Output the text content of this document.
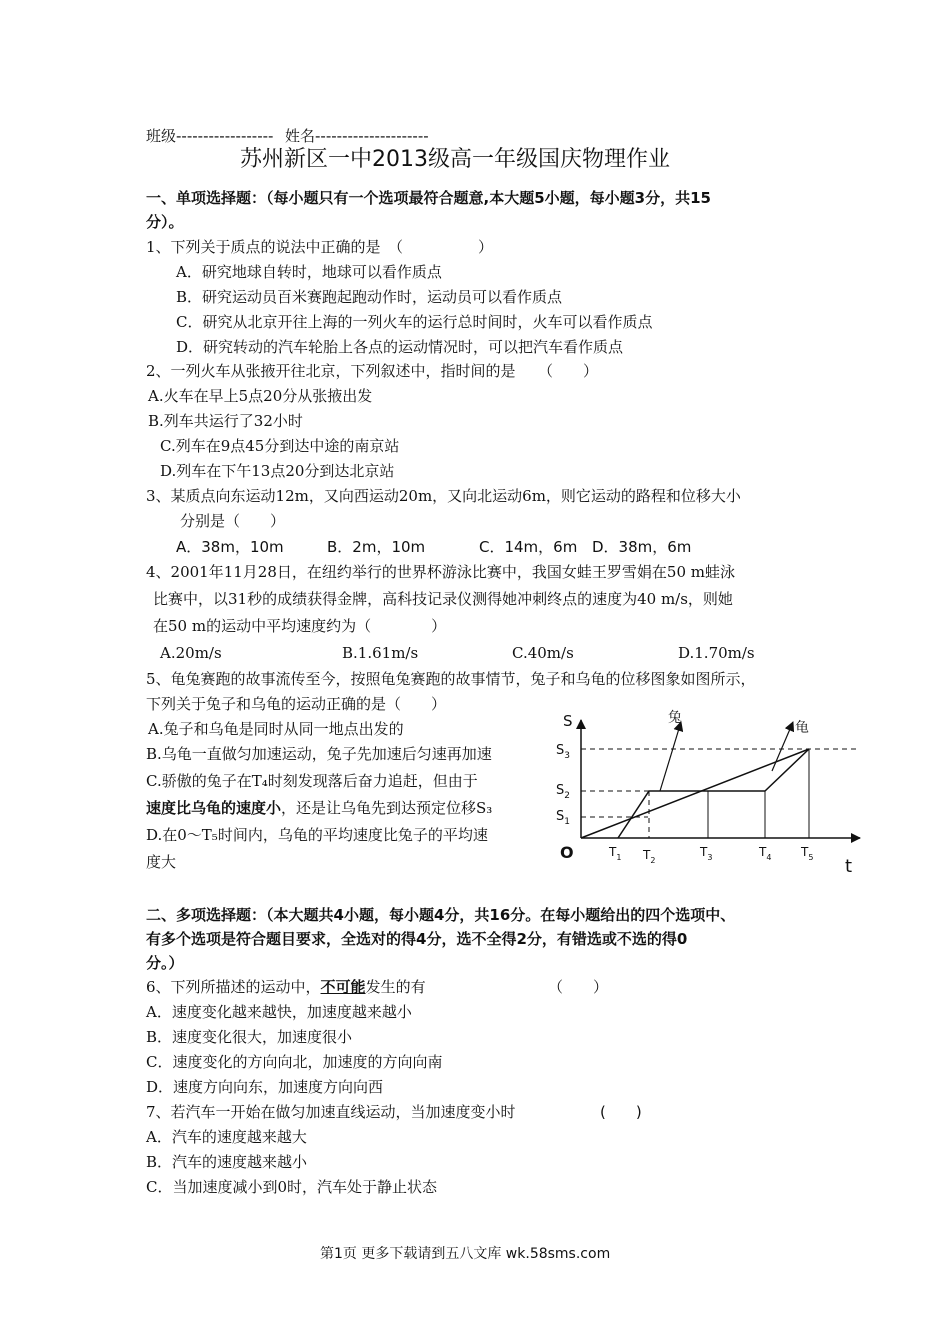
班级------------------ 姓名---------------------
苏州新区一中2013级高一年级国庆物理作业
一、单项选择题：（每小题只有一个选项最符合题意,本大题5小题，每小题3分，共15
分）。
1、下列关于质点的说法中正确的是　（　　　　　）
A．研究地球自转时，地球可以看作质点
B．研究运动员百米赛跑起跑动作时，运动员可以看作质点
C．研究从北京开往上海的一列火车的运行总时间时，火车可以看作质点
D．研究转动的汽车轮胎上各点的运动情况时，可以把汽车看作质点
2、一列火车从张掖开往北京，下列叙述中，指时间的是　　（　　）
A.火车在早上5点20分从张掖出发
B.列车共运行了32小时
C.列车在9点45分到达中途的南京站
D.列车在下午13点20分到达北京站
3、某质点向东运动12m，又向西运动20m，又向北运动6m，则它运动的路程和位移大小
分别是（　　）
A．38m，10m	B．2m，10m	C．14m，6m D．38m，6m
4、2001年11月28日，在纽约举行的世界杯游泳比赛中，我国女蛙王罗雪娟在50 m蛙泳
比赛中，以31秒的成绩获得金牌，高科技记录仪测得她冲刺终点的速度为40 m/s，则她
在50 m的运动中平均速度约为（　　　　）
A.20m/s	B.1.61m/s	C.40m/s	D.1.70m/s
5、龟兔赛跑的故事流传至今，按照龟兔赛跑的故事情节，兔子和乌龟的位移图象如图所示，
下列关于兔子和乌龟的运动正确的是（　　）
A.兔子和乌龟是同时从同一地点出发的
B.乌龟一直做匀加速运动，兔子先加速后匀速再加速
C.骄傲的兔子在T₄时刻发现落后奋力追赶，但由于
速度比乌龟的速度小，还是让乌龟先到达预定位移S₃
D.在0～T₅时间内，乌龟的平均速度比兔子的平均速
度大
S
t
O
兔
龟
$S_3$
$S_2$
$S_1$
$T_1$ $T_2$
$T_3$	$T_4$ $T_5$
二、多项选择题：（本大题共4小题，每小题4分，共16分。在每小题给出的四个选项中、
有多个选项是符合题目要求，全选对的得4分，选不全得2分，有错选或不选的得0
分。）
6、下列所描述的运动中，不可能发生的有	（　　）
A．速度变化越来越快，加速度越来越小
B．速度变化很大，加速度很小
C．速度变化的方向向北，加速度的方向向南
D．速度方向向东，加速度方向向西
7、若汽车一开始在做匀加速直线运动，当加速度变小时	(　　)
A．汽车的速度越来越大
B．汽车的速度越来越小
C．当加速度减小到0时，汽车处于静止状态
第1页 更多下载请到五八文库 wk.58sms.com
